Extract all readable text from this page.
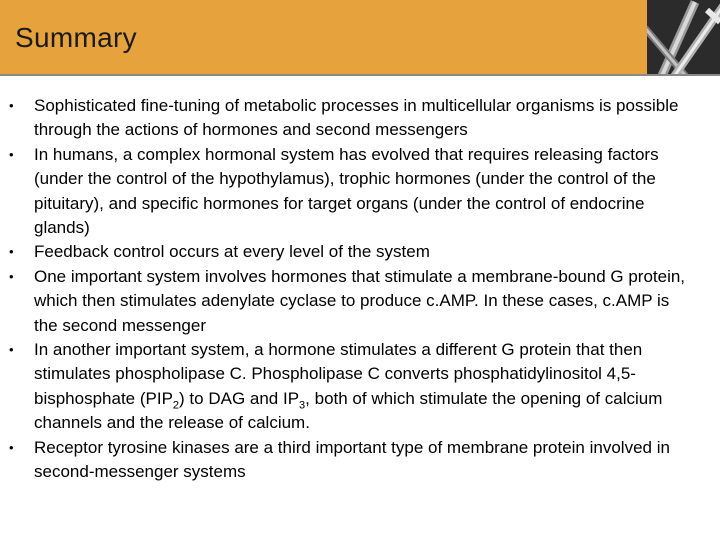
Summary
• Sophisticated fine-tuning of metabolic processes in multicellular organisms is possible through the actions of hormones and second messengers
• In humans, a complex hormonal system has evolved that requires releasing factors (under the control of the hypothylamus), trophic hormones (under the control of the pituitary), and specific hormones for target organs (under the control of endocrine glands)
• Feedback control occurs at every level of the system
• One important system involves hormones that stimulate a membrane-bound G protein, which then stimulates adenylate cyclase to produce c.AMP. In these cases, c.AMP is the second messenger
• In another important system, a hormone stimulates a different G protein that then stimulates phospholipase C. Phospholipase C converts phosphatidylinositol 4,5-bisphosphate $(PIP_2)$ to DAG and $IP_3$, both of which stimulate the opening of calcium channels and the release of calcium.
• Receptor tyrosine kinases are a third important type of membrane protein involved in second-messenger systems
